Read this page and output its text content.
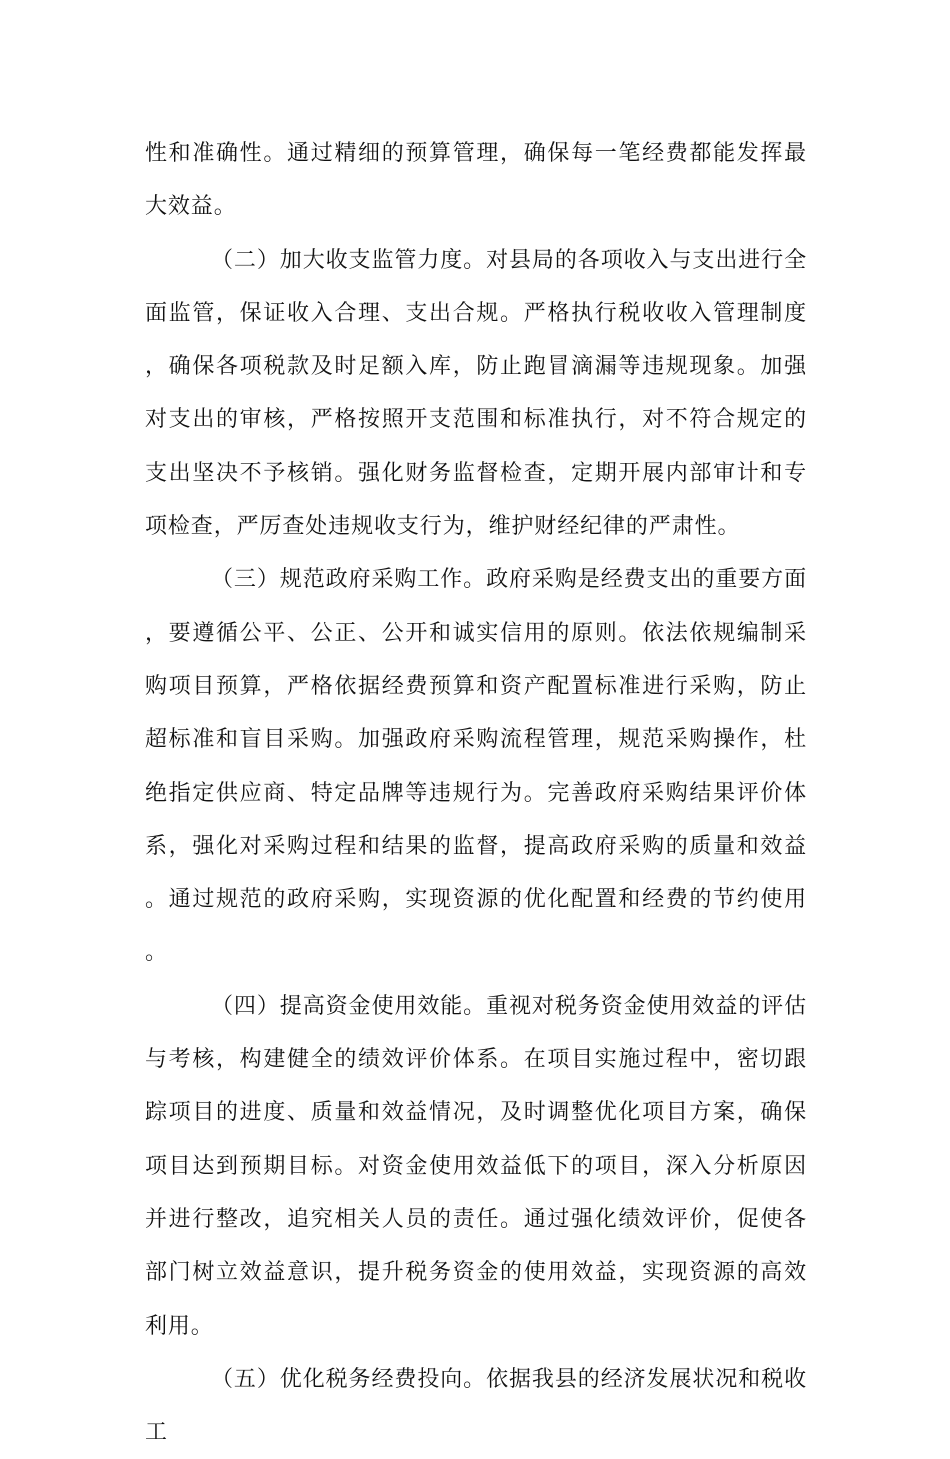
性和准确性。通过精细的预算管理，确保每一笔经费都能发挥最大效益。

（二）加大收支监管力度。对县局的各项收入与支出进行全面监管，保证收入合理、支出合规。严格执行税收收入管理制度，确保各项税款及时足额入库，防止跑冒滴漏等违规现象。加强对支出的审核，严格按照开支范围和标准执行，对不符合规定的支出坚决不予核销。强化财务监督检查，定期开展内部审计和专项检查，严厉查处违规收支行为，维护财经纪律的严肃性。

（三）规范政府采购工作。政府采购是经费支出的重要方面，要遵循公平、公正、公开和诚实信用的原则。依法依规编制采购项目预算，严格依据经费预算和资产配置标准进行采购，防止超标准和盲目采购。加强政府采购流程管理，规范采购操作，杜绝指定供应商、特定品牌等违规行为。完善政府采购结果评价体系，强化对采购过程和结果的监督，提高政府采购的质量和效益。通过规范的政府采购，实现资源的优化配置和经费的节约使用。

（四）提高资金使用效能。重视对税务资金使用效益的评估与考核，构建健全的绩效评价体系。在项目实施过程中，密切跟踪项目的进度、质量和效益情况，及时调整优化项目方案，确保项目达到预期目标。对资金使用效益低下的项目，深入分析原因并进行整改，追究相关人员的责任。通过强化绩效评价，促使各部门树立效益意识，提升税务资金的使用效益，实现资源的高效利用。

（五）优化税务经费投向。依据我县的经济发展状况和税收工
